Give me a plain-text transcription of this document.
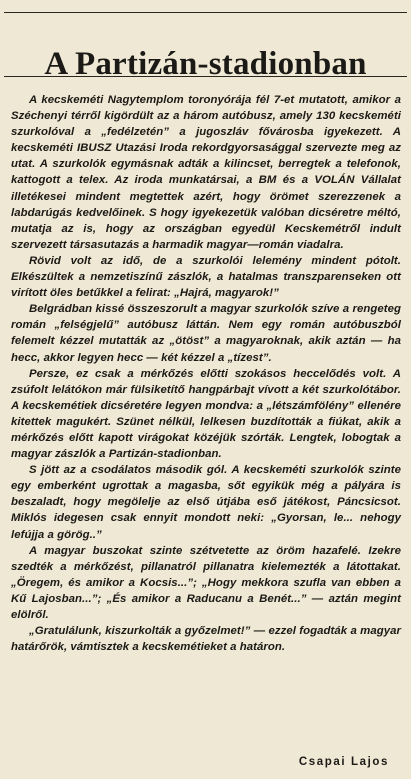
A Partizán-stadionban

A kecskeméti Nagytemplom toronyórája fél 7-et mutatott, amikor a Széchenyi térről kigördült az a három autóbusz, amely 130 kecskeméti szurkolóval a „fedélzetén” a jugoszláv fővárosba igyekezett. A kecskeméti IBUSZ Utazási Iroda rekordgyorsasággal szervezte meg az utat. A szurkolók egymásnak adták a kilincset, berregtek a telefonok, kattogott a telex. Az iroda munkatársai, a BM és a VOLÁN Vállalat illetékesei mindent megtettek azért, hogy örömet szerezzenek a labdarúgás kedvelőinek. S hogy igyekezetük valóban dicséretre méltó, mutatja az is, hogy az országban egyedül Kecskemétről indult szervezett társasutazás a harmadik magyar—román viadalra.

Rövid volt az idő, de a szurkolói lelemény mindent pótolt. Elkészültek a nemzetiszínű zászlók, a hatalmas transzparenseken ott virított öles betűkkel a felirat: „Hajrá, magyarok!”

Belgrádban kissé összeszorult a magyar szurkolók szíve a rengeteg román „felségjelű” autóbusz láttán. Nem egy román autóbuszból felemelt kézzel mutatták az „ötöst” a magyaroknak, akik aztán — ha hecc, akkor legyen hecc — két kézzel a „tízest”.

Persze, ez csak a mérkőzés előtti szokásos heccelődés volt. A zsúfolt lelátókon már fülsiketítő hangpárbajt vívott a két szurkolótábor. A kecskemétiek dicséretére legyen mondva: a „létszámfölény” ellenére kitettek magukért. Szünet nélkül, lelkesen buzdították a fiúkat, akik a mérkőzés előtt kapott virágokat közéjük szórták. Lengtek, lobogtak a magyar zászlók a Partizán-stadionban.

S jött az a csodálatos második gól. A kecskeméti szurkolók szinte egy emberként ugrottak a magasba, sőt egyikük még a pályára is beszaladt, hogy megölelje az első útjába eső játékost, Páncsicsot. Miklós idegesen csak ennyit mondott neki: „Gyorsan, le... nehogy lefújja a görög..”

A magyar buszokat szinte szétvetette az öröm hazafelé. Izekre szedték a mérkőzést, pillanatról pillanatra kielemezték a látottakat. „Öregem, és amikor a Kocsis...”; „Hogy mekkora szufla van ebben a Kű Lajosban...”; „És amikor a Raducanu a Benét...” — aztán megint elölről.

„Gratulálunk, kiszurkolták a győzelmet!” — ezzel fogadták a magyar határőrök, vámtisztek a kecskemétieket a határon.

Csapai Lajos
